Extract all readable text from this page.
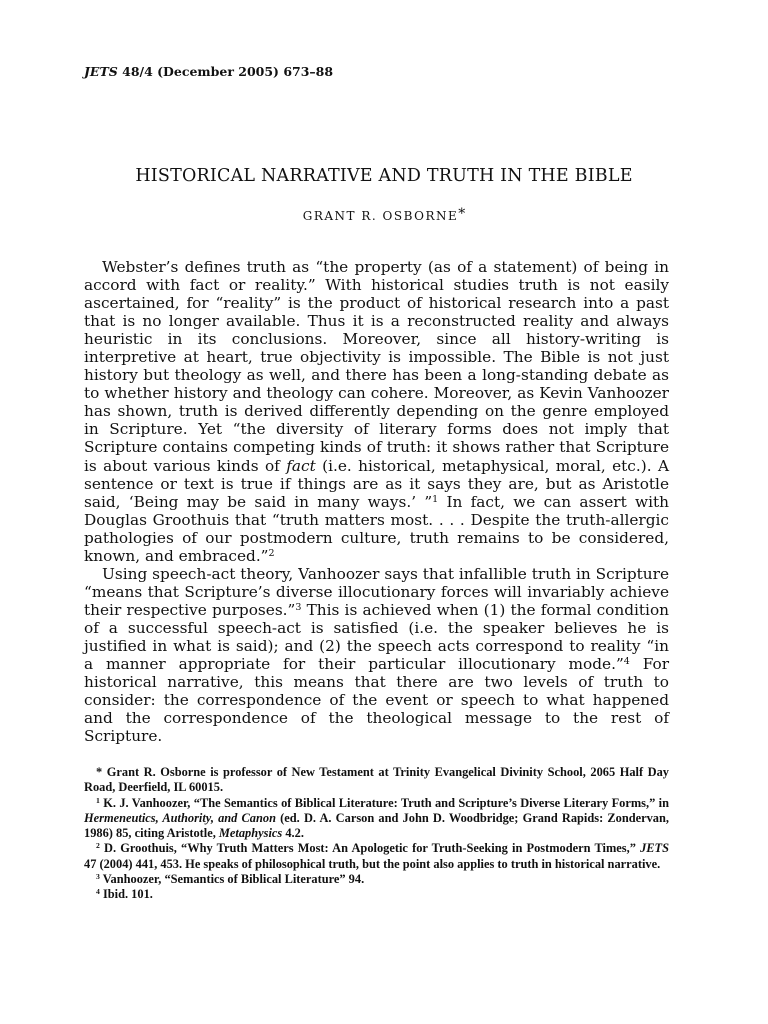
JETS 48/4 (December 2005) 673–88
HISTORICAL NARRATIVE AND TRUTH IN THE BIBLE
GRANT R. OSBORNE*

Webster’s defines truth as “the property (as of a statement) of being in accord with fact or reality.” With historical studies truth is not easily ascertained, for “reality” is the product of historical research into a past that is no longer available. Thus it is a reconstructed reality and always heuristic in its conclusions. Moreover, since all history-writing is interpretive at heart, true objectivity is impossible. The Bible is not just history but theology as well, and there has been a long-standing debate as to whether history and theology can cohere. Moreover, as Kevin Vanhoozer has shown, truth is derived differently depending on the genre employed in Scripture. Yet “the diversity of literary forms does not imply that Scripture contains competing kinds of truth: it shows rather that Scripture is about various kinds of fact (i.e. historical, metaphysical, moral, etc.). A sentence or text is true if things are as it says they are, but as Aristotle said, ‘Being may be said in many ways.’ ”$^1$ In fact, we can assert with Douglas Groothuis that “truth matters most. . . . Despite the truth-allergic pathologies of our postmodern culture, truth remains to be considered, known, and embraced.”$^2$

Using speech-act theory, Vanhoozer says that infallible truth in Scripture “means that Scripture’s diverse illocutionary forces will invariably achieve their respective purposes.”$^3$ This is achieved when (1) the formal condition of a successful speech-act is satisfied (i.e. the speaker believes he is justified in what is said); and (2) the speech acts correspond to reality “in a manner appropriate for their particular illocutionary mode.”$^4$ For historical narrative, this means that there are two levels of truth to consider: the correspondence of the event or speech to what happened and the correspondence of the theological message to the rest of Scripture.

* Grant R. Osborne is professor of New Testament at Trinity Evangelical Divinity School, 2065 Half Day Road, Deerfield, IL 60015.

$^1$ K. J. Vanhoozer, “The Semantics of Biblical Literature: Truth and Scripture’s Diverse Literary Forms,” in Hermeneutics, Authority, and Canon (ed. D. A. Carson and John D. Woodbridge; Grand Rapids: Zondervan, 1986) 85, citing Aristotle, Metaphysics 4.2.

$^2$ D. Groothuis, “Why Truth Matters Most: An Apologetic for Truth-Seeking in Postmodern Times,” JETS 47 (2004) 441, 453. He speaks of philosophical truth, but the point also applies to truth in historical narrative.

$^3$ Vanhoozer, “Semantics of Biblical Literature” 94.

$^4$ Ibid. 101.
